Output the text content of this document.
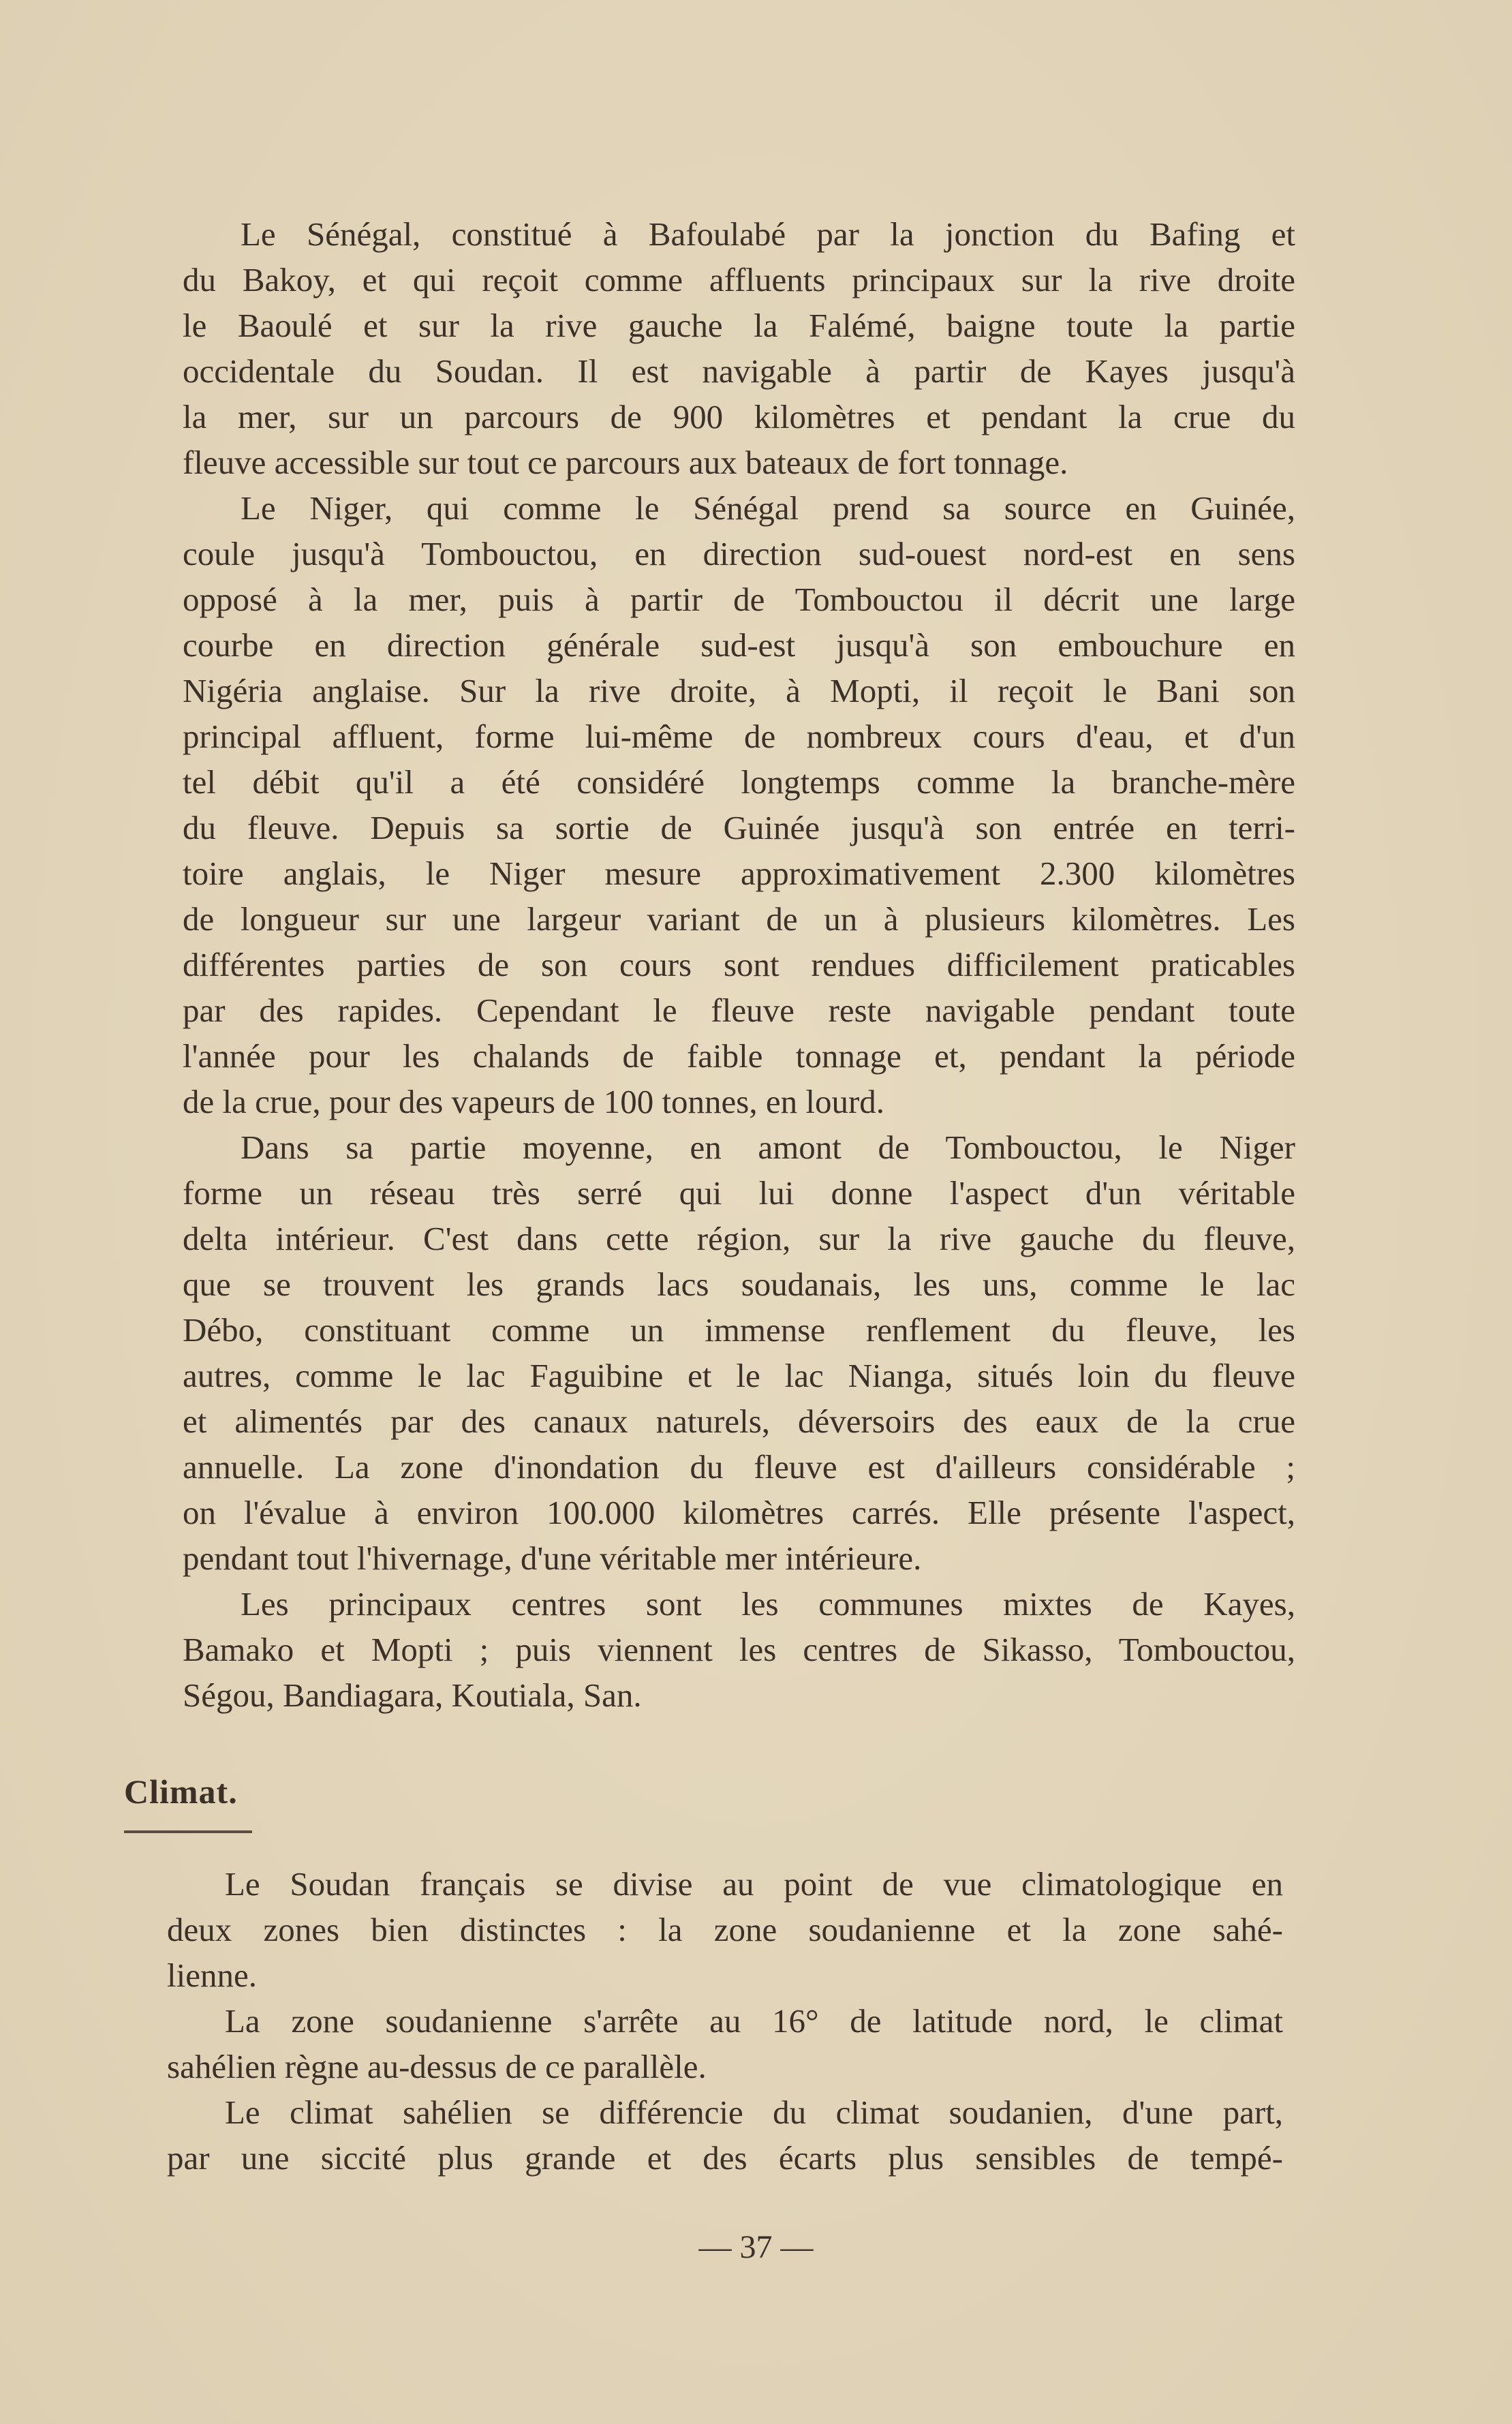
Le Sénégal, constitué à Bafoulabé par la jonction du Bafing et
du Bakoy, et qui reçoit comme affluents principaux sur la rive droite
le Baoulé et sur la rive gauche la Falémé, baigne toute la partie
occidentale du Soudan. Il est navigable à partir de Kayes jusqu'à
la mer, sur un parcours de 900 kilomètres et pendant la crue du
fleuve accessible sur tout ce parcours aux bateaux de fort tonnage.
Le Niger, qui comme le Sénégal prend sa source en Guinée,
coule jusqu'à Tombouctou, en direction sud-ouest nord-est en sens
opposé à la mer, puis à partir de Tombouctou il décrit une large
courbe en direction générale sud-est jusqu'à son embouchure en
Nigéria anglaise. Sur la rive droite, à Mopti, il reçoit le Bani son
principal affluent, forme lui-même de nombreux cours d'eau, et d'un
tel débit qu'il a été considéré longtemps comme la branche-mère
du fleuve. Depuis sa sortie de Guinée jusqu'à son entrée en terri-
toire anglais, le Niger mesure approximativement 2.300 kilomètres
de longueur sur une largeur variant de un à plusieurs kilomètres. Les
différentes parties de son cours sont rendues difficilement praticables
par des rapides. Cependant le fleuve reste navigable pendant toute
l'année pour les chalands de faible tonnage et, pendant la période
de la crue, pour des vapeurs de 100 tonnes, en lourd.
Dans sa partie moyenne, en amont de Tombouctou, le Niger
forme un réseau très serré qui lui donne l'aspect d'un véritable
delta intérieur. C'est dans cette région, sur la rive gauche du fleuve,
que se trouvent les grands lacs soudanais, les uns, comme le lac
Débo, constituant comme un immense renflement du fleuve, les
autres, comme le lac Faguibine et le lac Nianga, situés loin du fleuve
et alimentés par des canaux naturels, déversoirs des eaux de la crue
annuelle. La zone d'inondation du fleuve est d'ailleurs considérable ;
on l'évalue à environ 100.000 kilomètres carrés. Elle présente l'aspect,
pendant tout l'hivernage, d'une véritable mer intérieure.
Les principaux centres sont les communes mixtes de Kayes,
Bamako et Mopti ; puis viennent les centres de Sikasso, Tombouctou,
Ségou, Bandiagara, Koutiala, San.
Climat.
Le Soudan français se divise au point de vue climatologique en
deux zones bien distinctes : la zone soudanienne et la zone sahé-
lienne.
La zone soudanienne s'arrête au 16° de latitude nord, le climat
sahélien règne au-dessus de ce parallèle.
Le climat sahélien se différencie du climat soudanien, d'une part,
par une siccité plus grande et des écarts plus sensibles de tempé-
— 37 —
